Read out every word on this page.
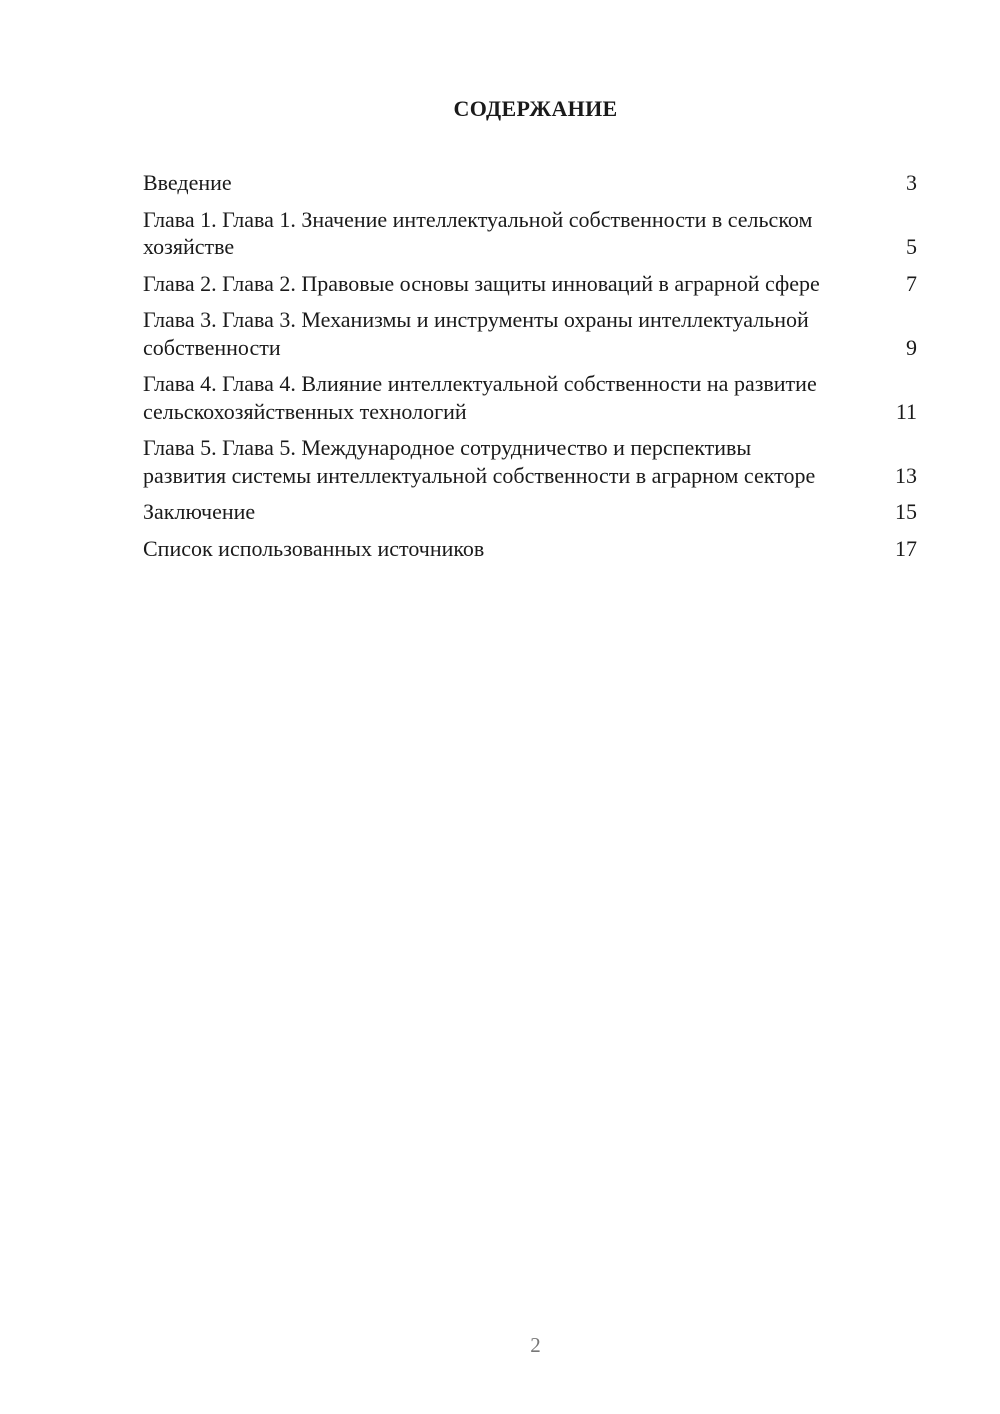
СОДЕРЖАНИЕ
Введение	3
Глава 1. Глава 1. Значение интеллектуальной собственности в сельском хозяйстве	5
Глава 2. Глава 2. Правовые основы защиты инноваций в аграрной сфере	7
Глава 3. Глава 3. Механизмы и инструменты охраны интеллектуальной собственности	9
Глава 4. Глава 4. Влияние интеллектуальной собственности на развитие сельскохозяйственных технологий	11
Глава 5. Глава 5. Международное сотрудничество и перспективы развития системы интеллектуальной собственности в аграрном секторе	13
Заключение	15
Список использованных источников	17

2
